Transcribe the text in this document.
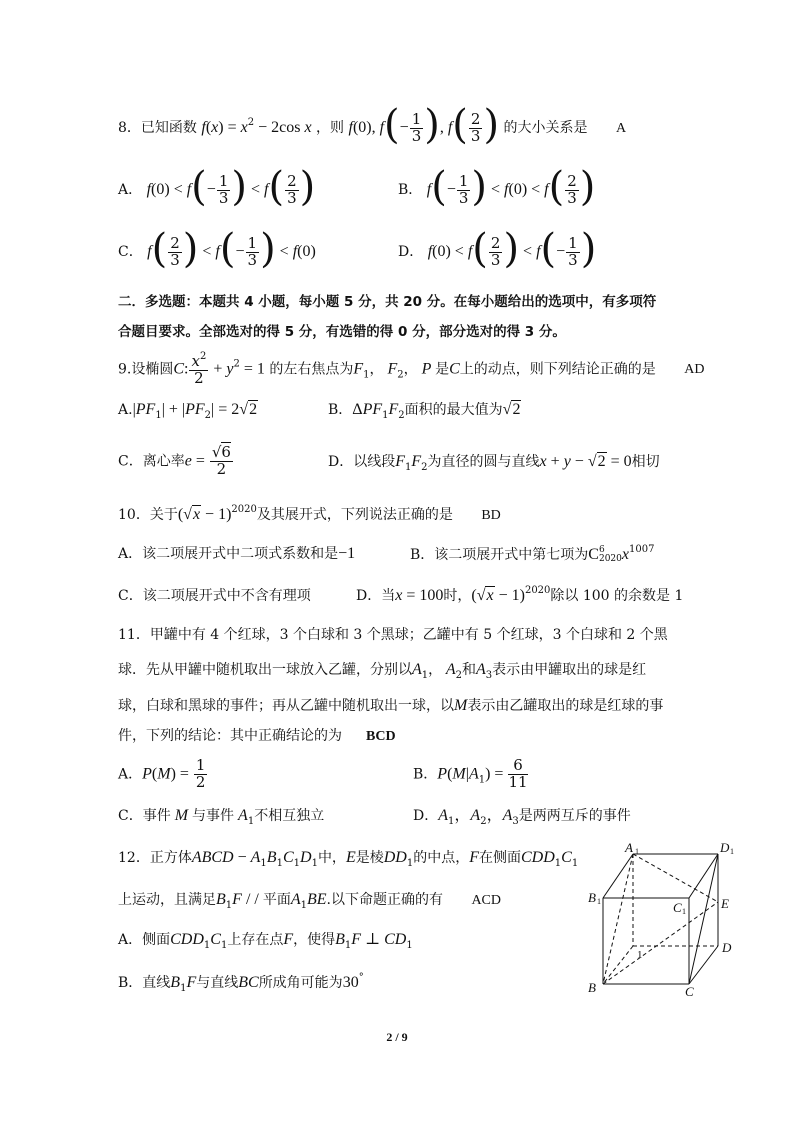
8．已知函数 $f(x) = x^2 - 2\cos$ x ，则 f(0), $f(- \frac{1}{3}$ ), $f( \frac{2}{3}$ ) 的大小关系是 A
A． $f(0) < f(- \frac{1}{3}$ ) < $f( \frac{2}{3}$ )	B． $f(- \frac{1}{3}$ ) < $f(0) < f( \frac{2}{3}$ )
C． $f( \frac{2}{3}$ ) < $f(- \frac{1}{3}$ ) < f(0)	D． $f(0) < f( \frac{2}{3}$ ) < $f(- \frac{1}{3}$ )
二．多选题：本题共 4 小题，每小题 5 分，共 20 分。在每小题给出的选项中，有多项符
合题目要求。全部选对的得 5 分，有选错的得 0 分，部分选对的得 3 分。
9.设椭圆C: $\frac{x^2}{2} + y^2 = 1$ 的左右焦点为$F_1$， $F_2$， P 是C上的动点，则下列结论正确的是 AD
$A.|PF_1| + |PF_2| = 2√2$	B．$\Delta PF_1F_2$面积的最大值为√2
C．离心率$e = \frac{√6}{2}$	D．以线段$F_1F_2$为直径的圆与直线x + y − √2 = 0相切
10．关于$(√x - 1)^{2020}$及其展开式，下列说法正确的是 BD
A．该二项展开式中二项式系数和是−1	B．该二项展开式中第七项为C 6
2020 $x^{1007}$
C．该二项展开式中不含有理项	D．当x = 100时，$(√x - 1)^{2020}$除以 100 的余数是 1
11．甲罐中有 4 个红球，3 个白球和 3 个黑球；乙罐中有 5 个红球，3 个白球和 2 个黑
球．先从甲罐中随机取出一球放入乙罐，分别以$A_1$， $A_2$和$A_3$表示由甲罐取出的球是红
球，白球和黑球的事件；再从乙罐中随机取出一球，以M表示由乙罐取出的球是红球的事
件，下列的结论：其中正确结论的为 BCD
A．$P(M) = \frac{1}{2}$	B．$P(M|A_1) = \frac{6}{11}$
C．事件 M 与事件 $A_1$不相互独立	D．$A_1$，$A_2$，$A_3$是两两互斥的事件
12．正方体ABCD − $A_1B_1C_1D_1$中，E是棱$DD_1$的中点，F在侧面$CDD_1C_1$
上运动，且满足$B_1F$ / / 平面$A_1BE$.以下命题正确的有 ACD
A．侧面$CDD_1C_1$上存在点F，使得$B_1F$ ⊥ $CD_1$
B．直线$B_1F$与直线BC所成角可能为30°
A 1	D 1
B 1	C 1
E
D
B	C
1
2 / 9
